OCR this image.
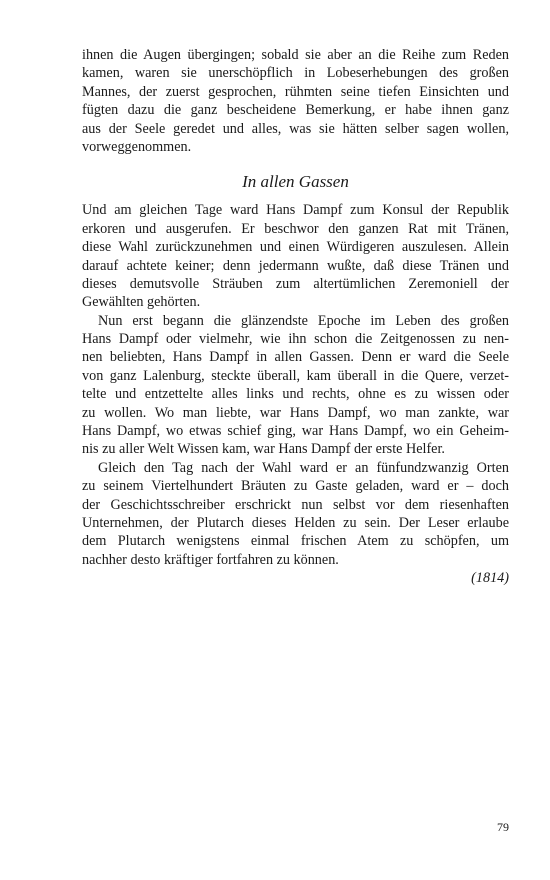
ihnen die Augen übergingen; sobald sie aber an die Reihe zum Reden
kamen, waren sie unerschöpflich in Lobeserhebungen des großen
Mannes, der zuerst gesprochen, rühmten seine tiefen Einsichten und
fügten dazu die ganz bescheidene Bemerkung, er habe ihnen ganz
aus der Seele geredet und alles, was sie hätten selber sagen wollen,
vorweggenommen.
In allen Gassen
Und am gleichen Tage ward Hans Dampf zum Konsul der Republik
erkoren und ausgerufen. Er beschwor den ganzen Rat mit Tränen,
diese Wahl zurückzunehmen und einen Würdigeren auszulesen. Allein
darauf achtete keiner; denn jedermann wußte, daß diese Tränen und
dieses demutsvolle Sträuben zum altertümlichen Zeremoniell der
Gewählten gehörten.
Nun erst begann die glänzendste Epoche im Leben des großen
Hans Dampf oder vielmehr, wie ihn schon die Zeitgenossen zu nen-
nen beliebten, Hans Dampf in allen Gassen. Denn er ward die Seele
von ganz Lalenburg, steckte überall, kam überall in die Quere, verzet-
telte und entzettelte alles links und rechts, ohne es zu wissen oder
zu wollen. Wo man liebte, war Hans Dampf, wo man zankte, war
Hans Dampf, wo etwas schief ging, war Hans Dampf, wo ein Geheim-
nis zu aller Welt Wissen kam, war Hans Dampf der erste Helfer.
Gleich den Tag nach der Wahl ward er an fünfundzwanzig Orten
zu seinem Viertelhundert Bräuten zu Gaste geladen, ward er – doch
der Geschichtsschreiber erschrickt nun selbst vor dem riesenhaften
Unternehmen, der Plutarch dieses Helden zu sein. Der Leser erlaube
dem Plutarch wenigstens einmal frischen Atem zu schöpfen, um
nachher desto kräftiger fortfahren zu können.
(1814)
79
